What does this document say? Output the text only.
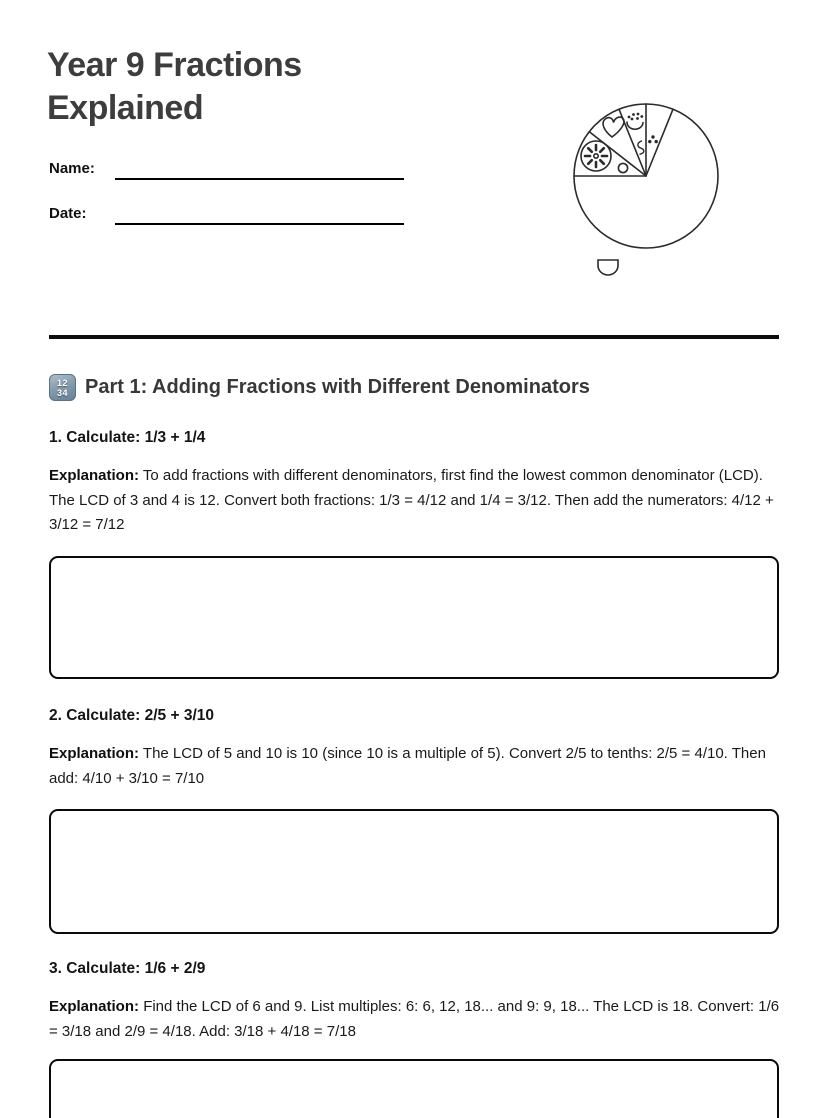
Year 9 Fractions
Explained
Name:
Date:
12
34 Part 1: Adding Fractions with Different Denominators
1. Calculate: 1/3 + 1/4

Explanation: To add fractions with different denominators, first find the lowest common denominator (LCD). The LCD of 3 and 4 is 12. Convert both fractions: 1/3 = 4/12 and 1/4 = 3/12. Then add the numerators: 4/12 + 3/12 = 7/12

2. Calculate: 2/5 + 3/10

Explanation: The LCD of 5 and 10 is 10 (since 10 is a multiple of 5). Convert 2/5 to tenths: 2/5 = 4/10. Then add: 4/10 + 3/10 = 7/10

3. Calculate: 1/6 + 2/9

Explanation: Find the LCD of 6 and 9. List multiples: 6: 6, 12, 18... and 9: 9, 18... The LCD is 18. Convert: 1/6 = 3/18 and 2/9 = 4/18. Add: 3/18 + 4/18 = 7/18
